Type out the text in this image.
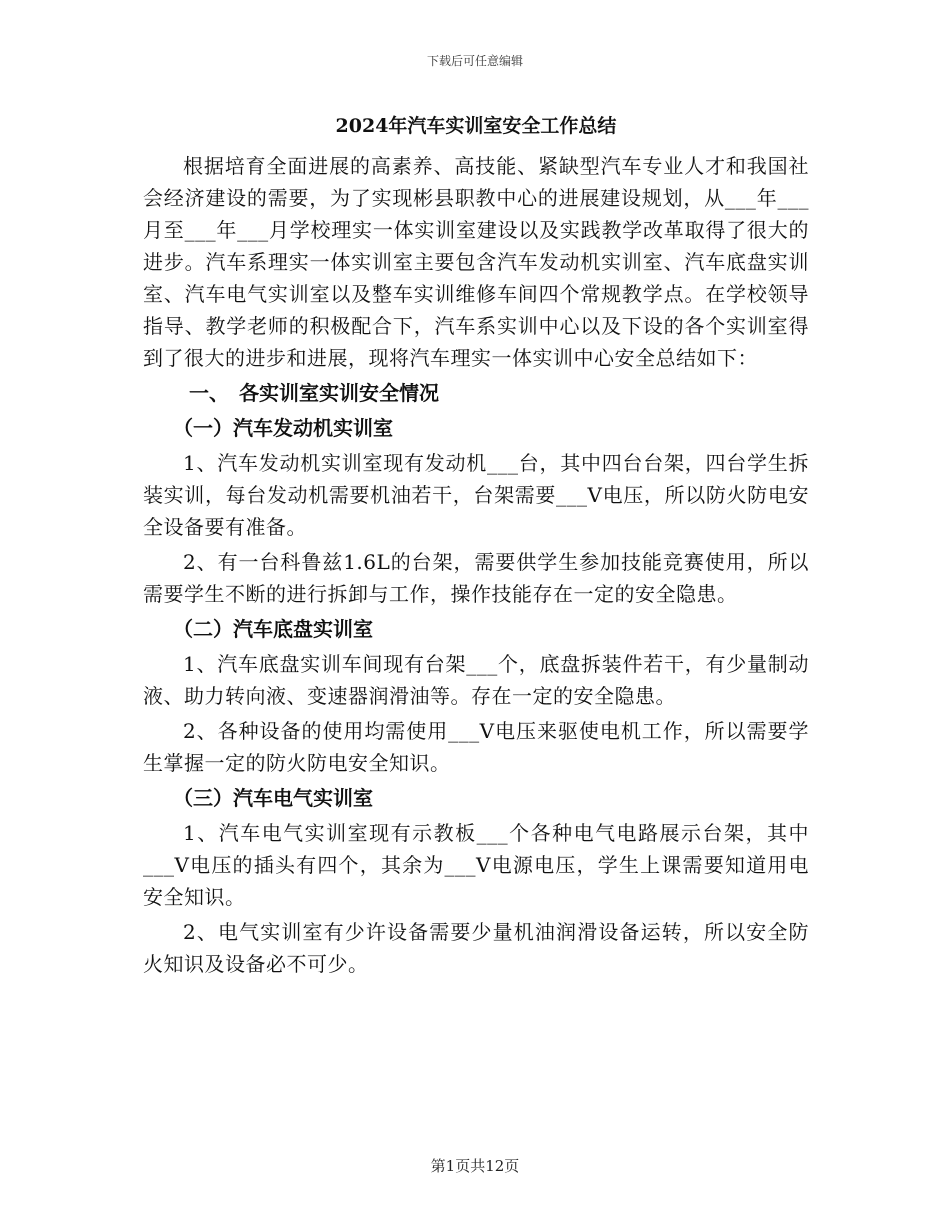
下载后可任意编辑

2024年汽车实训室安全工作总结

根据培育全面进展的高素养、高技能、紧缺型汽车专业人才和我国社会经济建设的需要，为了实现彬县职教中心的进展建设规划，从___年___月至___年___月学校理实一体实训室建设以及实践教学改革取得了很大的进步。汽车系理实一体实训室主要包含汽车发动机实训室、汽车底盘实训室、汽车电气实训室以及整车实训维修车间四个常规教学点。在学校领导指导、教学老师的积极配合下，汽车系实训中心以及下设的各个实训室得到了很大的进步和进展，现将汽车理实一体实训中心安全总结如下：

一、　各实训室实训安全情况

（一）汽车发动机实训室

1、汽车发动机实训室现有发动机___台，其中四台台架，四台学生拆装实训，每台发动机需要机油若干，台架需要___V电压，所以防火防电安全设备要有准备。

2、有一台科鲁兹1.6L的台架，需要供学生参加技能竞赛使用，所以需要学生不断的进行拆卸与工作，操作技能存在一定的安全隐患。

（二）汽车底盘实训室

1、汽车底盘实训车间现有台架___个，底盘拆装件若干，有少量制动液、助力转向液、变速器润滑油等。存在一定的安全隐患。

2、各种设备的使用均需使用___V电压来驱使电机工作，所以需要学生掌握一定的防火防电安全知识。

（三）汽车电气实训室

1、汽车电气实训室现有示教板___个各种电气电路展示台架，其中___V电压的插头有四个，其余为___V电源电压，学生上课需要知道用电安全知识。

2、电气实训室有少许设备需要少量机油润滑设备运转，所以安全防火知识及设备必不可少。

第1页共12页
